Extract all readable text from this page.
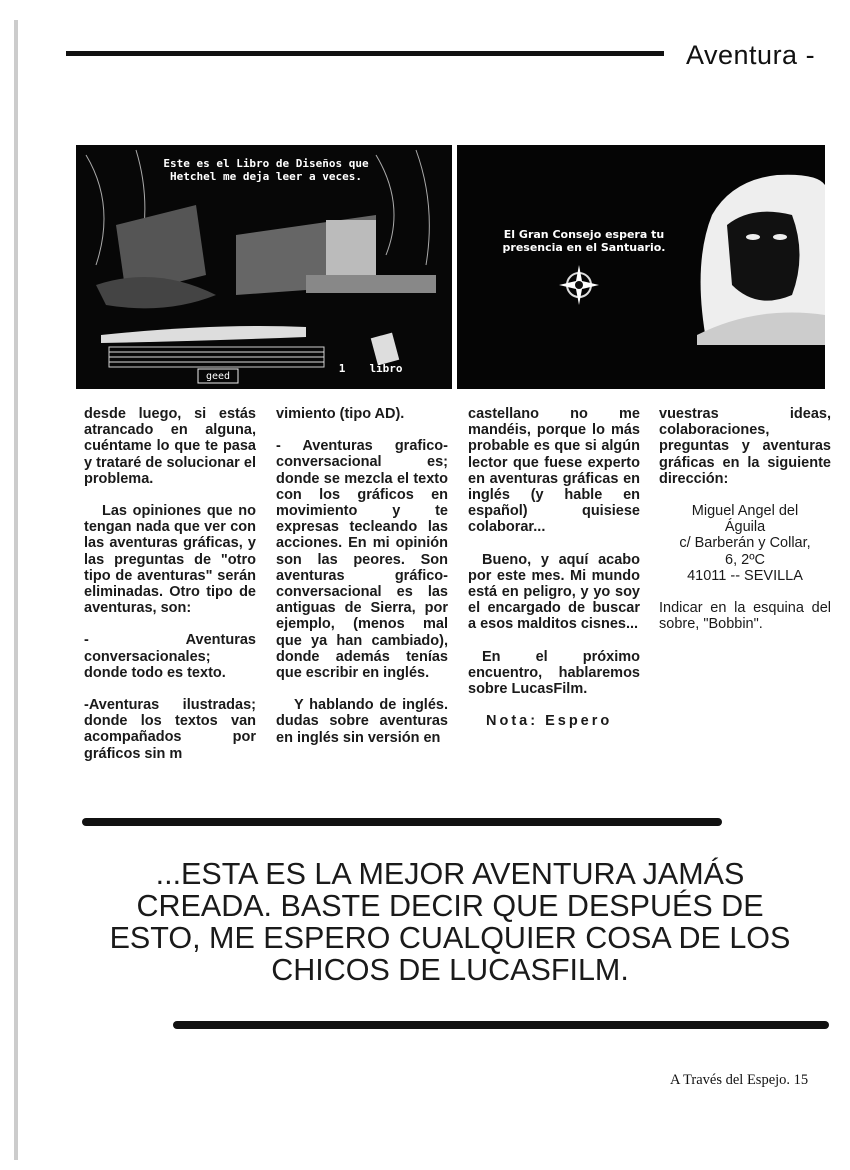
Aventura -
Este es el Libro de Diseños que Hetchel me deja leer a veces.
geed
1	libro
El Gran Consejo espera tu presencia en el Santuario.

desde luego, si estás atrancado en alguna, cuéntame lo que te pasa y trataré de solucionar el problema.

Las opiniones que no tengan nada que ver con las aventuras gráficas, y las preguntas de "otro tipo de aventuras" serán eliminadas. Otro tipo de aventuras, son:

- Aventuras conversacionales; donde todo es texto.

-Aventuras ilustradas; donde los textos van acompañados por gráficos sin m

vimiento (tipo AD).

- Aventuras grafico-conversacional es; donde se mezcla el texto con los gráficos en movimiento y te expresas tecleando las acciones. En mi opinión son las peores. Son aventuras gráfico-conversacional es las antiguas de Sierra, por ejemplo, (menos mal que ya han cambiado), donde además tenías que escribir en inglés.

Y hablando de inglés. dudas sobre aventuras en inglés sin versión en

castellano no me mandéis, porque lo más probable es que si algún lector que fuese experto en aventuras gráficas en inglés (y hable en español) quisiese colaborar...

Bueno, y aquí acabo por este mes. Mi mundo está en peligro, y yo soy el encargado de buscar a esos malditos cisnes...

En el próximo encuentro, hablaremos sobre LucasFilm.

Nota: Espero

vuestras ideas, colaboraciones, preguntas y aventuras gráficas en la siguiente dirección:

Miguel Angel del
Águila
c/ Barberán y Collar,
6, 2ºC
41011 -- SEVILLA

Indicar en la esquina del sobre, "Bobbin".

...ESTA ES LA MEJOR AVENTURA JAMÁS CREADA. BASTE DECIR QUE DESPUÉS DE ESTO, ME ESPERO CUALQUIER COSA DE LOS CHICOS DE LUCASFILM.
A Través del Espejo. 15
